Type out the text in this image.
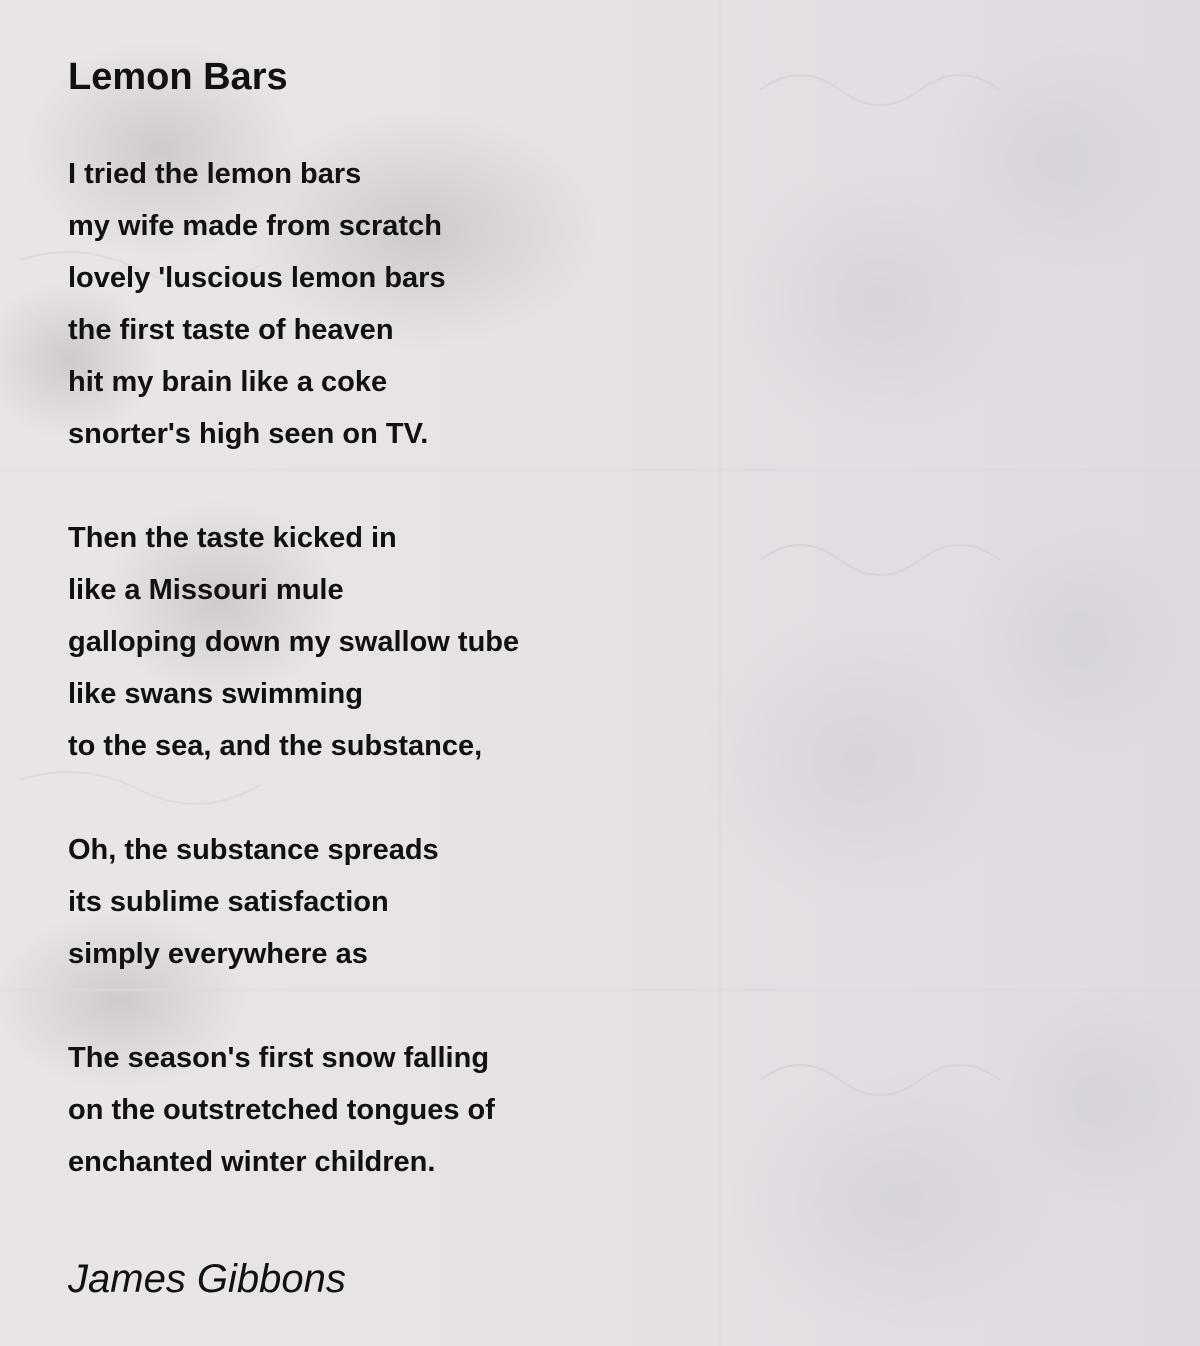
Lemon Bars
I tried the lemon bars
my wife made from scratch
lovely 'luscious lemon bars
the first taste of heaven
hit my brain like a coke
snorter's high seen on TV.
Then the taste kicked in
like a Missouri mule
galloping down my swallow tube
like swans swimming
to the sea, and the substance,
Oh, the substance spreads
its sublime satisfaction
simply everywhere as
The season's first snow falling
on the outstretched tongues of
enchanted winter children.
James Gibbons
